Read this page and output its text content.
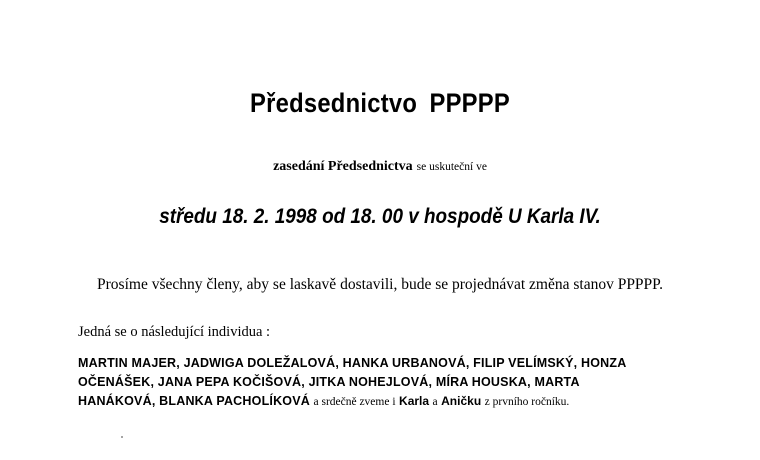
Předsednictvo PPPPP
zasedání Předsednictva se uskuteční ve
středu 18. 2. 1998 od 18. 00 v hospodě U Karla IV.
Prosíme všechny členy, aby se laskavě dostavili, bude se projednávat změna stanov PPPPP.
Jedná se o následující individua :
MARTIN MAJER, JADWIGA DOLEŽALOVÁ, HANKA URBANOVÁ, FILIP VELÍMSKÝ, HONZA
OČENÁŠEK, JANA PEPA KOČIŠOVÁ, JITKA NOHEJLOVÁ, MÍRA HOUSKA, MARTA
HANÁKOVÁ, BLANKA PACHOLÍKOVÁ a srdečně zveme i Karla a Aničku z prvního ročníku.
